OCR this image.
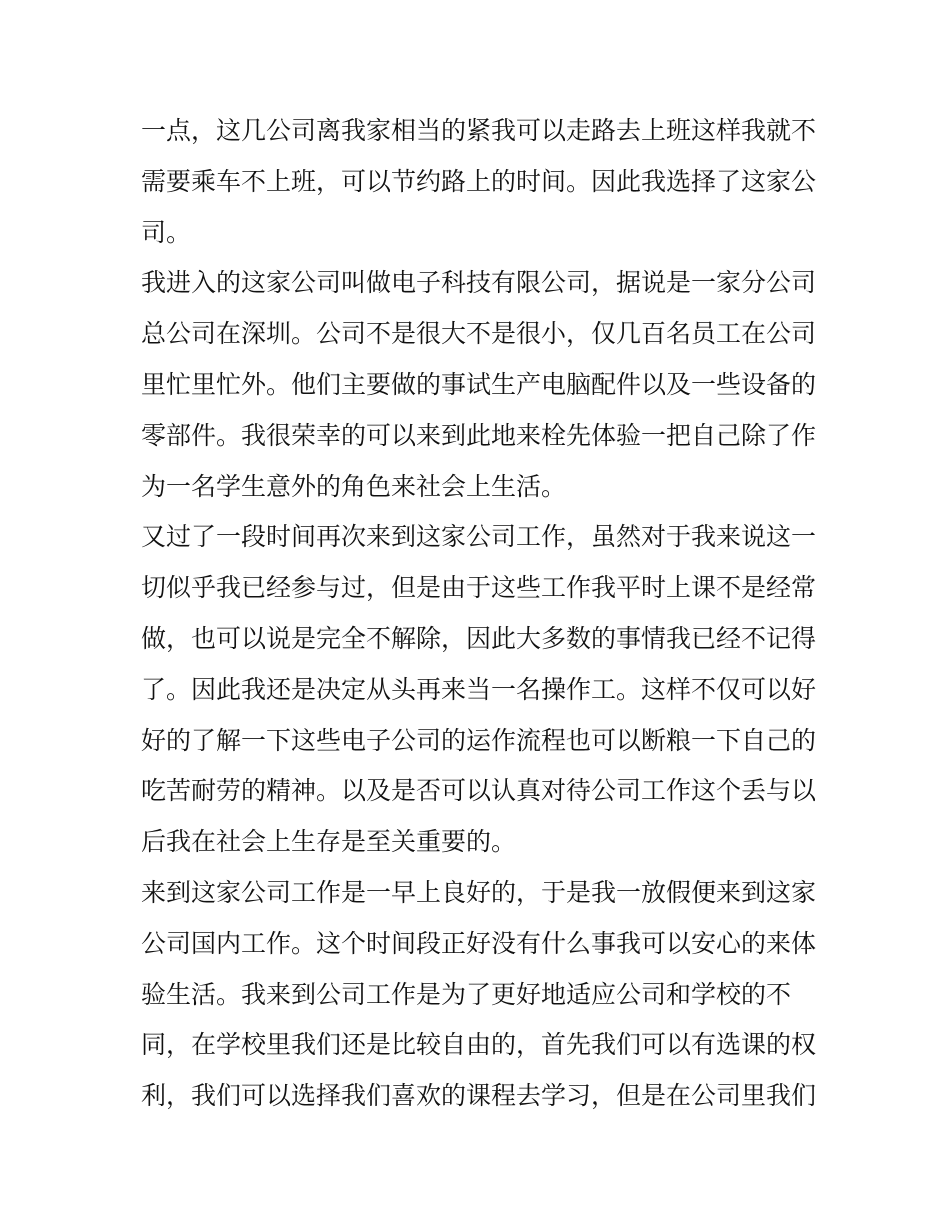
一点，这几公司离我家相当的紧我可以走路去上班这样我就不
需要乘车不上班，可以节约路上的时间。因此我选择了这家公
司。
我进入的这家公司叫做电子科技有限公司，据说是一家分公司
总公司在深圳。公司不是很大不是很小，仅几百名员工在公司
里忙里忙外。他们主要做的事试生产电脑配件以及一些设备的
零部件。我很荣幸的可以来到此地来栓先体验一把自己除了作
为一名学生意外的角色来社会上生活。
又过了一段时间再次来到这家公司工作，虽然对于我来说这一
切似乎我已经参与过，但是由于这些工作我平时上课不是经常
做，也可以说是完全不解除，因此大多数的事情我已经不记得
了。因此我还是决定从头再来当一名操作工。这样不仅可以好
好的了解一下这些电子公司的运作流程也可以断粮一下自己的
吃苦耐劳的精神。以及是否可以认真对待公司工作这个丢与以
后我在社会上生存是至关重要的。
来到这家公司工作是一早上良好的，于是我一放假便来到这家
公司国内工作。这个时间段正好没有什么事我可以安心的来体
验生活。我来到公司工作是为了更好地适应公司和学校的不
同，在学校里我们还是比较自由的，首先我们可以有选课的权
利，我们可以选择我们喜欢的课程去学习，但是在公司里我们
